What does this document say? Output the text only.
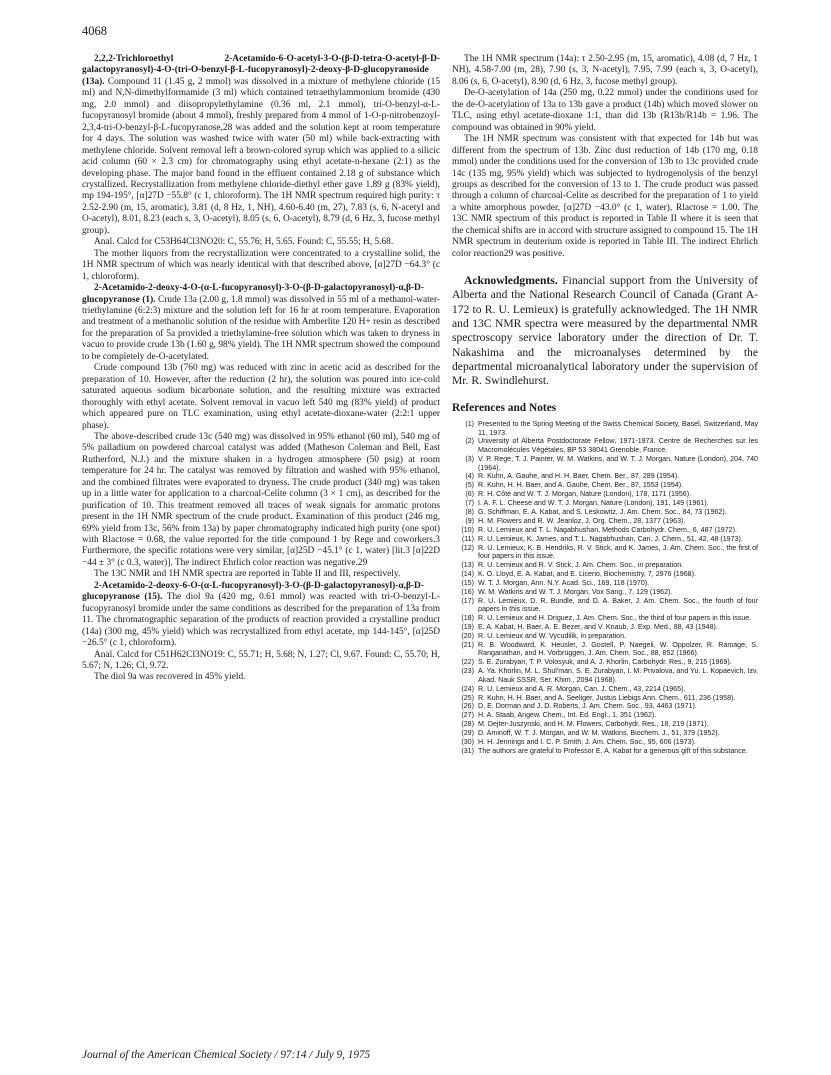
4068

2,2,2-Trichloroethyl 2-Acetamido-6-O-acetyl-3-O-(β-D-tetra-O-acetyl-β-D-galactopyranosyl)-4-O-(tri-O-benzyl-β-L-fucopyranosyl)-2-deoxy-β-D-glucopyranoside (13a). Compound 11 (1.45 g, 2 mmol) was dissolved in a mixture of methylene chloride (15 ml) and N,N-dimethylformamide (3 ml) which contained tetraethylammonium bromide (430 mg, 2.0 mmol) and diisopropylethylamine (0.36 ml, 2.1 mmol), tri-O-benzyl-α-L-fucopyranosyl bromide (about 4 mmol), freshly prepared from 4 mmol of 1-O-p-nitrobenzoyl-2,3,4-tri-O-benzyl-β-L-fucopyranose,28 was added and the solution kept at room temperature for 4 days. The solution was washed twice with water (50 ml) while back-extracting with methylene chloride. Solvent removal left a brown-colored syrup which was applied to a silicic acid column (60 × 2.3 cm) for chromatography using ethyl acetate-n-hexane (2:1) as the developing phase. The major band found in the effluent contained 2.18 g of substance which crystallized. Recrystallization from methylene chloride-diethyl ether gave 1.89 g (83% yield), mp 194-195°, [α]27D −55.8° (c 1, chloroform). The 1H NMR spectrum required high purity: τ 2.52-2.90 (m, 15, aromatic), 3.81 (d, 8 Hz, 1, NH), 4.60-6.40 (m, 27), 7.83 (s, 6, N-acetyl and O-acetyl), 8.01, 8.23 (each s, 3, O-acetyl), 8.05 (s, 6, O-acetyl), 8.79 (d, 6 Hz, 3, fucose methyl group).

Anal. Calcd for C53H64Cl3NO20: C, 55.76; H, 5.65. Found: C, 55.55; H, 5.68.

The mother liquors from the recrystallization were concentrated to a crystalline solid, the 1H NMR spectrum of which was nearly identical with that described above, [α]27D −64.3° (c 1, chloroform).

2-Acetamido-2-deoxy-4-O-(α-L-fucopyranosyl)-3-O-(β-D-galactopyranosyl)-α,β-D-glucopyranose (1). Crude 13a (2.00 g, 1.8 mmol) was dissolved in 55 ml of a methanol-water-triethylamine (6:2:3) mixture and the solution left for 16 hr at room temperature. Evaporation and treatment of a methanolic solution of the residue with Amberlite 120 H+ resin as described for the preparation of 5a provided a triethylamine-free solution which was taken to dryness in vacuo to provide crude 13b (1.60 g, 98% yield). The 1H NMR spectrum showed the compound to be completely de-O-acetylated.

Crude compound 13b (760 mg) was reduced with zinc in acetic acid as described for the preparation of 10. However, after the reduction (2 hr), the solution was poured into ice-cold saturated aqueous sodium bicarbonate solution, and the resulting mixture was extracted thoroughly with ethyl acetate. Solvent removal in vacuo left 540 mg (83% yield) of product which appeared pure on TLC examination, using ethyl acetate-dioxane-water (2:2:1 upper phase).

The above-described crude 13c (540 mg) was dissolved in 95% ethanol (60 ml), 540 mg of 5% palladium on powdered charcoal catalyst was added (Matheson Coleman and Bell, East Rutherford, N.J.) and the mixture shaken in a hydrogen atmosphere (50 psig) at room temperature for 24 hr. The catalyst was removed by filtration and washed with 95% ethanol, and the combined filtrates were evaporated to dryness. The crude product (340 mg) was taken up in a little water for application to a charcoal-Celite column (3 × 1 cm), as described for the purification of 10. This treatment removed all traces of weak signals for aromatic protons present in the 1H NMR spectrum of the crude product. Examination of this product (246 mg, 69% yield from 13c, 56% from 13a) by paper chromatography indicated high purity (one spot) with Rlactose = 0.68, the value reported for the title compound 1 by Rege and coworkers.3 Furthermore, the specific rotations were very similar, [α]25D −45.1° (c 1, water) [lit.3 [α]22D −44 ± 3° (c 0.3, water)]. The indirect Ehrlich color reaction was negative.29

The 13C NMR and 1H NMR spectra are reported in Table II and III, respectively.

2-Acetamido-2-deoxy-6-O-(α-L-fucopyranosyl)-3-O-(β-D-galactopyranosyl)-α,β-D-glucopyranose (15). The diol 9a (420 mg, 0.61 mmol) was reacted with tri-O-benzyl-L-fucopyranosyl bromide under the same conditions as described for the preparation of 13a from 11. The chromatographic separation of the products of reaction provided a crystalline product (14a) (300 mg, 45% yield) which was recrystallized from ethyl acetate, mp 144-145°, [α]25D −26.5° (c 1, chloroform).

Anal. Calcd for C51H62Cl3NO19: C, 55.71; H, 5.68; N, 1.27; Cl, 9.67. Found: C, 55.70; H, 5.67; N, 1.26; Cl, 9.72.

The diol 9a was recovered in 45% yield.

The 1H NMR spectrum (14a): τ 2.50-2.95 (m, 15, aromatic), 4.08 (d, 7 Hz, 1 NH), 4.58-7.00 (m, 28), 7.90 (s, 3, N-acetyl), 7.95, 7.99 (each s, 3, O-acetyl), 8.06 (s, 6, O-acetyl), 8.90 (d, 6 Hz, 3, fucose methyl group).

De-O-acetylation of 14a (250 mg, 0.22 mmol) under the conditions used for the de-O-acetylation of 13a to 13b gave a product (14b) which moved slower on TLC, using ethyl acetate-dioxane 1:1, than did 13b (R13b/R14b = 1.96. The compound was obtained in 90% yield.

The 1H NMR spectrum was consistent with that expected for 14b but was different from the spectrum of 13b. Zinc dust reduction of 14b (170 mg, 0.18 mmol) under the conditions used for the conversion of 13b to 13c provided crude 14c (135 mg, 95% yield) which was subjected to hydrogenolysis of the benzyl groups as described for the conversion of 13 to 1. The crude product was passed through a column of charcoal-Celite as described for the preparation of 1 to yield a white amorphous powder, [α]27D −43.0° (c 1, water), Rlactose = 1.00. The 13C NMR spectrum of this product is reported in Table II where it is seen that the chemical shifts are in accord with structure assigned to compound 15. The 1H NMR spectrum in deuterium oxide is reported in Table III. The indirect Ehrlich color reaction29 was positive.

Acknowledgments. Financial support from the University of Alberta and the National Research Council of Canada (Grant A-172 to R. U. Lemieux) is gratefully acknowledged. The 1H NMR and 13C NMR spectra were measured by the departmental NMR spectroscopy service laboratory under the direction of Dr. T. Nakashima and the microanalyses determined by the departmental microanalytical laboratory under the supervision of Mr. R. Swindlehurst.

References and Notes
(1) Presented to the Spring Meeting of the Swiss Chemical Society, Basel, Switzerland, May 11, 1973.
(2) University of Alberta Postdoctorate Fellow, 1971-1973. Centre de Recherches sur les Macromolécules Végétales, BP 53 38041 Grenoble, France.
(3) V. P. Rege, T. J. Painter, W. M. Watkins, and W. T. J. Morgan, Nature (London), 204, 740 (1964).
(4) R. Kuhn, A. Gauhe, and H. H. Baer, Chem. Ber., 87, 289 (1954).
(5) R. Kuhn, H. H. Baer, and A. Gauhe, Chem. Ber., 87, 1553 (1954).
(6) R. H. Côté and W. T. J. Morgan, Nature (London), 178, 1171 (1956).
(7) I. A. F. L. Cheese and W. T. J. Morgan, Nature (London), 191, 149 (1961).
(8) G. Schiffman, E. A. Kabat, and S. Leskowitz, J. Am. Chem. Soc., 84, 73 (1962).
(9) H. M. Flowers and R. W. Jeanloz, J. Org. Chem., 28, 1377 (1963).
(10) R. U. Lemieux and T. L. Nagabhushan, Methods Carbohydr. Chem., 6, 487 (1972).
(11) R. U. Lemieux, K. James, and T. L. Nagabhushan, Can. J. Chem., 51, 42, 48 (1973).
(12) R. U. Lemieux, K. B. Hendriks, R. V. Stick, and K. James, J. Am. Chem. Soc., the first of four papers in this issue.
(13) R. U. Lemieux and R. V. Stick, J. Am. Chem. Soc., in preparation.
(14) K. O. Lloyd, E. A. Kabat, and E. Licerio, Biochemistry, 7, 2976 (1968).
(15) W. T. J. Morgan, Ann. N.Y. Acad. Sci., 169, 118 (1970).
(16) W. M. Watkins and W. T. J. Morgan, Vox Sang., 7, 129 (1962).
(17) R. U. Lemieux, D. R. Bundle, and D. A. Baker, J. Am. Chem. Soc., the fourth of four papers in this issue.
(18) R. U. Lemieux and H. Driguez, J. Am. Chem. Soc., the third of four papers in this issue.
(19) E. A. Kabat, H. Baer, A. E. Bezer, and V. Knaub, J. Exp. Med., 88, 43 (1948).
(20) R. U. Lemieux and W. Vycudilik, in preparation.
(21) R. B. Woodward, K. Heusler, J. Gostell, P. Naegeli, W. Oppolzer, R. Ramage, S. Ranganathan, and H. Vorbrüggen, J. Am. Chem. Soc., 88, 852 (1966).
(22) S. E. Zurabyan, T. P. Volosyuk, and A. J. Khorlin, Carbohydr. Res., 9, 215 (1969).
(23) A. Ya. Khorlin, M. L. Shul'man, S. E. Zurabyan, I. M. Privalova, and Yu. L. Kopaevich, Izv. Akad. Nauk SSSR, Ser. Khim., 2094 (1968).
(24) R. U. Lemieux and A. R. Morgan, Can. J. Chem., 43, 2214 (1965).
(25) R. Kuhn, H. H. Baer, and A. Seeliger, Justus Liebigs Ann. Chem., 611, 236 (1958).
(26) D. E. Dorman and J. D. Roberts, J. Am. Chem. Soc., 93, 4463 (1971).
(27) H. A. Staab, Angew. Chem., Int. Ed. Engl., 1, 351 (1962).
(28) M. Dejter-Juszynski, and H. M. Flowers, Carbohydr. Res., 18, 219 (1971).
(29) D. Aminoff, W. T. J. Morgan, and W. M. Watkins, Biochem. J., 51, 379 (1952).
(30) H. H. Jennings and I. C. P. Smith, J. Am. Chem. Soc., 95, 606 (1973).
(31) The authors are grateful to Professor E. A. Kabat for a generous gift of this substance.
Journal of the American Chemical Society / 97:14 / July 9, 1975
